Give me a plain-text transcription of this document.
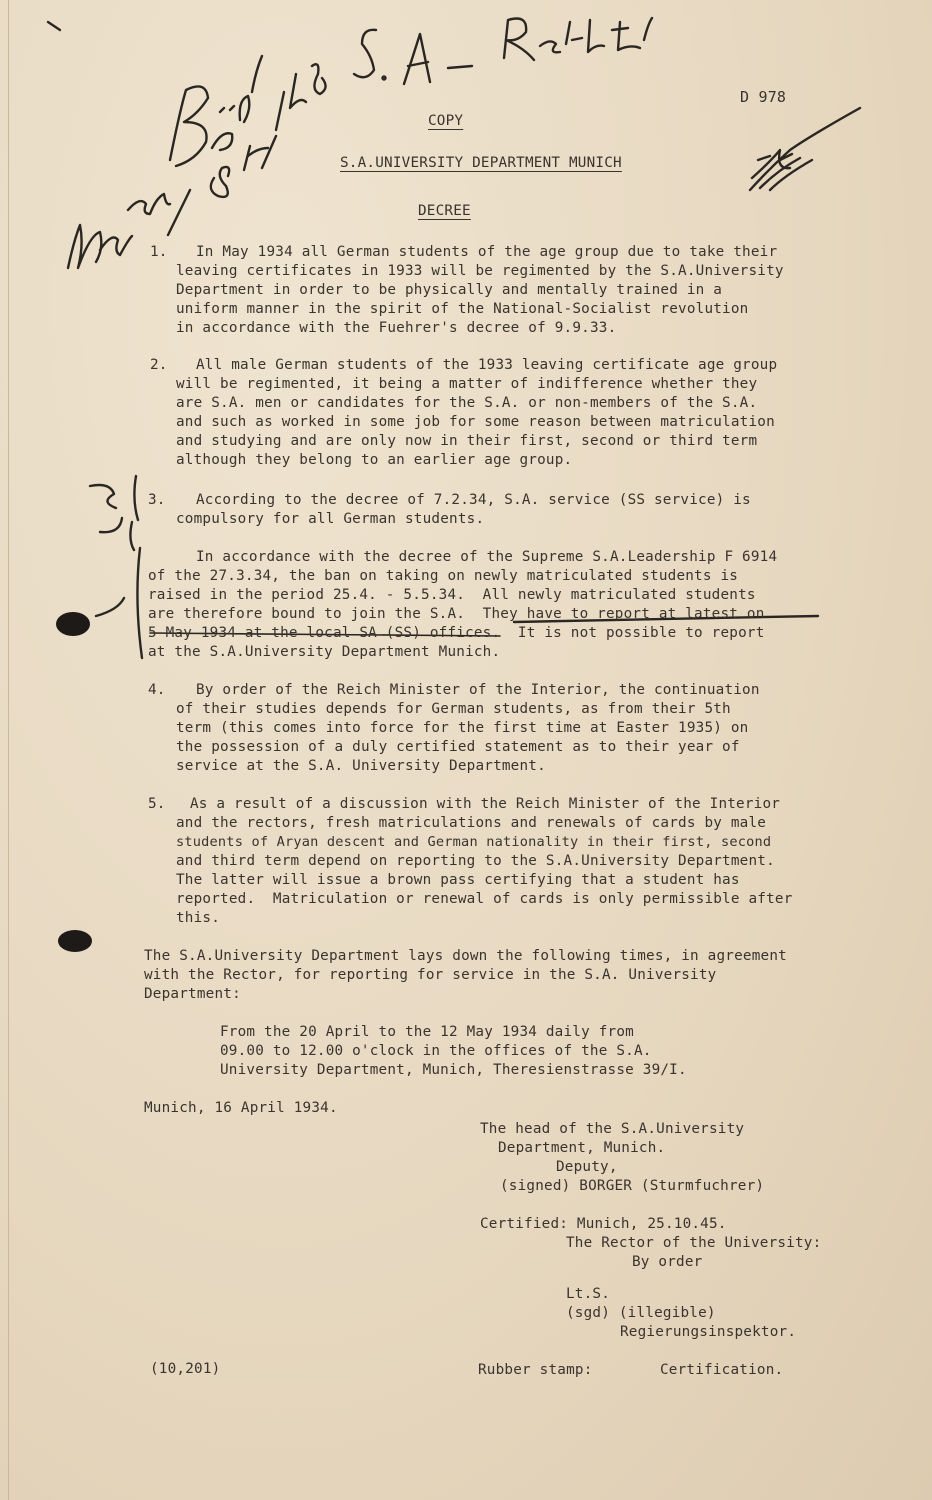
D 978
COPY
S.A.UNIVERSITY DEPARTMENT MUNICH
DECREE
1. In May 1934 all German students of the age group due to take their
leaving certificates in 1933 will be regimented by the S.A.University
Department in order to be physically and mentally trained in a
uniform manner in the spirit of the National-Socialist revolution
in accordance with the Fuehrer's decree of 9.9.33.
2. All male German students of the 1933 leaving certificate age group
will be regimented, it being a matter of indifference whether they
are S.A. men or candidates for the S.A. or non-members of the S.A.
and such as worked in some job for some reason between matriculation
and studying and are only now in their first, second or third term
although they belong to an earlier age group.
3. According to the decree of 7.2.34, S.A. service (SS service) is
compulsory for all German students.
In accordance with the decree of the Supreme S.A.Leadership F 6914
of the 27.3.34, the ban on taking on newly matriculated students is
raised in the period 25.4. - 5.5.34.  All newly matriculated students
are therefore bound to join the S.A.  They have to report at latest on
5 May 1934 at the local SA (SS) offices.  It is not possible to report
at the S.A.University Department Munich.
4. By order of the Reich Minister of the Interior, the continuation
of their studies depends for German students, as from their 5th
term (this comes into force for the first time at Easter 1935) on
the possession of a duly certified statement as to their year of
service at the S.A. University Department.
5. As a result of a discussion with the Reich Minister of the Interior
and the rectors, fresh matriculations and renewals of cards by male
students of Aryan descent and German nationality in their first, second
and third term depend on reporting to the S.A.University Department.
The latter will issue a brown pass certifying that a student has
reported.  Matriculation or renewal of cards is only permissible after
this.
The S.A.University Department lays down the following times, in agreement
with the Rector, for reporting for service in the S.A. University
Department:
From the 20 April to the 12 May 1934 daily from
09.00 to 12.00 o'clock in the offices of the S.A.
University Department, Munich, Theresienstrasse 39/I.
Munich, 16 April 1934.
The head of the S.A.University
Department, Munich.
Deputy,
(signed) BORGER (Sturmfuchrer)
Certified: Munich, 25.10.45.
The Rector of the University:
By order
Lt.S.
(sgd) (illegible)
Regierungsinspektor.
(10,201)	Rubber stamp:	Certification.
